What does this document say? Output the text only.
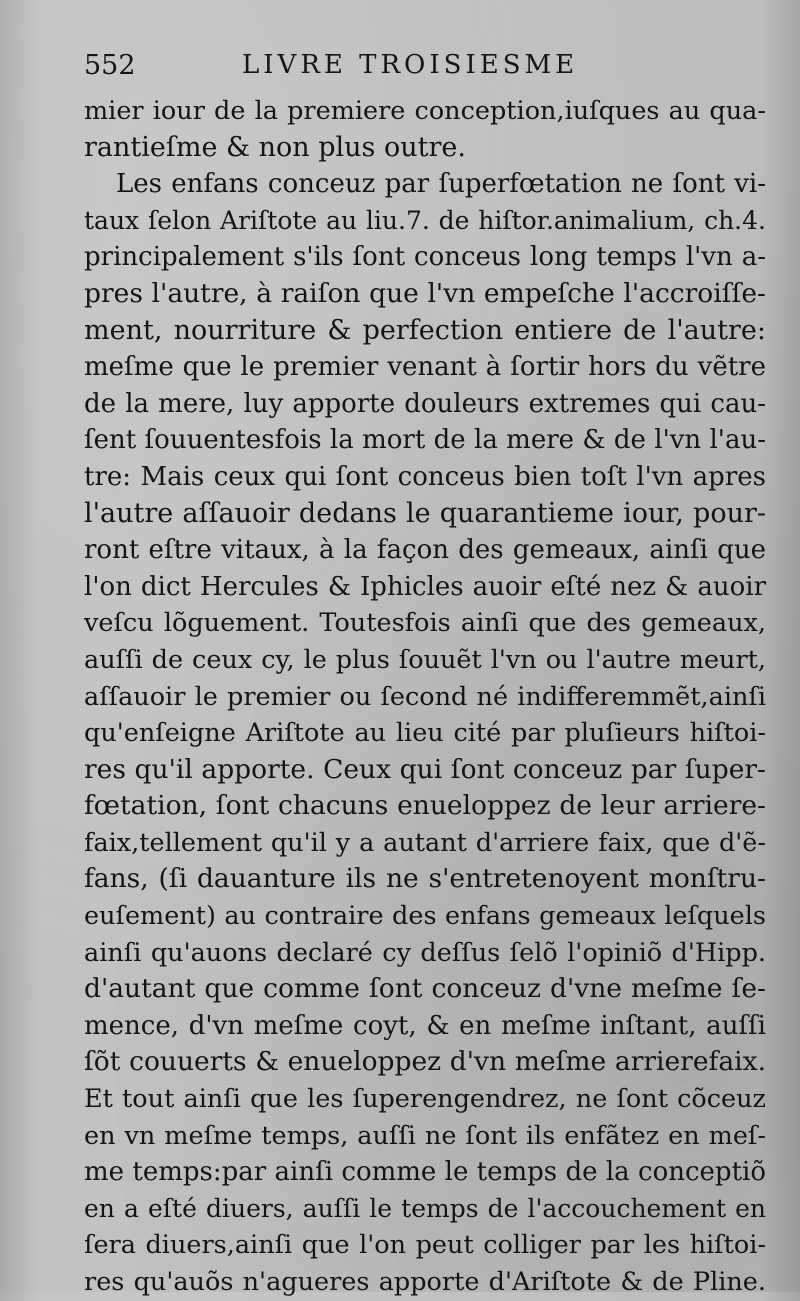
552	LIVRE TROISIESME
mier iour de la premiere conception,iuſques au qua-
rantieſme & non plus outre.
Les enfans conceuz par ſuperfœtation ne ſont vi-
taux ſelon Ariſtote au liu.7. de hiſtor.animalium, ch.4.
principalement s'ils ſont conceus long temps l'vn a-
pres l'autre, à raiſon que l'vn empeſche l'accroiſſe-
ment, nourriture & perfection entiere de l'autre:
meſme que le premier venant à ſortir hors du vẽtre
de la mere, luy apporte douleurs extremes qui cau-
ſent ſouuentesfois la mort de la mere & de l'vn l'au-
tre: Mais ceux qui ſont conceus bien toſt l'vn apres
l'autre aſſauoir dedans le quarantieme iour, pour-
ront eſtre vitaux, à la façon des gemeaux, ainſi que
l'on dict Hercules & Iphicles auoir eſté nez & auoir
veſcu lõguement. Toutesfois ainſi que des gemeaux,
auſſi de ceux cy, le plus ſouuẽt l'vn ou l'autre meurt,
aſſauoir le premier ou ſecond né indifferemmẽt,ainſi
qu'enſeigne Ariſtote au lieu cité par pluſieurs hiſtoi-
res qu'il apporte. Ceux qui ſont conceuz par ſuper-
fœtation, ſont chacuns enueloppez de leur arriere-
faix,tellement qu'il y a autant d'arriere faix, que d'ẽ-
fans, (ſi dauanture ils ne s'entretenoyent monſtru-
euſement) au contraire des enfans gemeaux leſquels
ainſi qu'auons declaré cy deſſus ſelõ l'opiniõ d'Hipp.
d'autant que comme ſont conceuz d'vne meſme ſe-
mence, d'vn meſme coyt, & en meſme inſtant, auſſi
ſõt couuerts & enueloppez d'vn meſme arrierefaix.
Et tout ainſi que les ſuperengendrez, ne ſont cõceuz
en vn meſme temps, auſſi ne ſont ils enfãtez en meſ-
me temps:par ainſi comme le temps de la conceptiõ
en a eſté diuers, auſſi le temps de l'accouchement en
ſera diuers,ainſi que l'on peut colliger par les hiſtoi-
res qu'auõs n'agueres apporte d'Ariſtote & de Pline.
